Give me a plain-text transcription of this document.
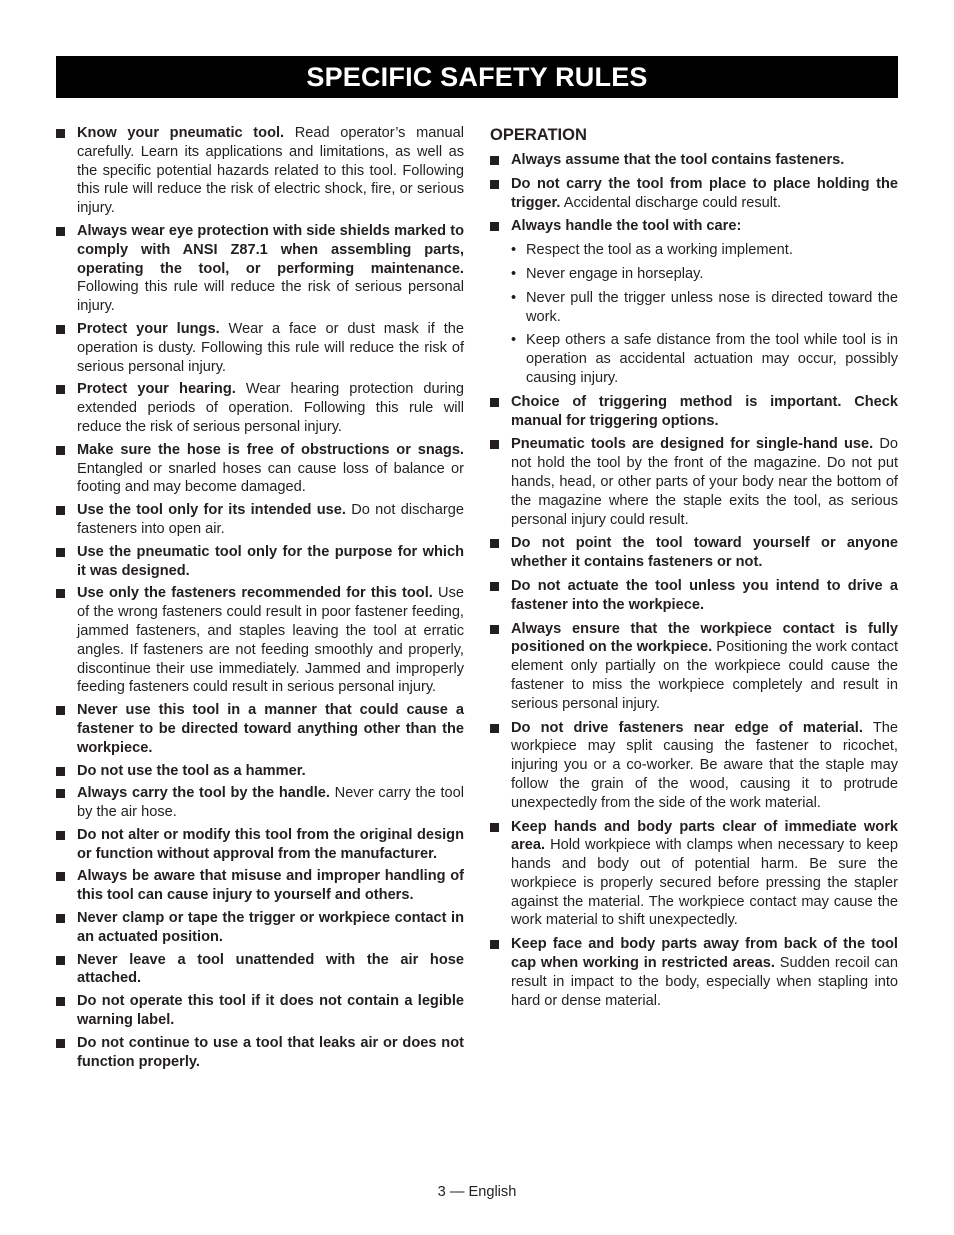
SPECIFIC SAFETY RULES
Know your pneumatic tool. Read operator’s manual carefully. Learn its applications and limitations, as well as the specific potential hazards related to this tool. Following this rule will reduce the risk of electric shock, fire, or serious injury.
Always wear eye protection with side shields marked to comply with ANSI Z87.1 when assembling parts, operating the tool, or performing maintenance. Following this rule will reduce the risk of serious personal injury.
Protect your lungs. Wear a face or dust mask if the operation is dusty. Following this rule will reduce the risk of serious personal injury.
Protect your hearing. Wear hearing protection during extended periods of operation. Following this rule will reduce the risk of serious personal injury.
Make sure the hose is free of obstructions or snags. Entangled or snarled hoses can cause loss of balance or footing and may become damaged.
Use the tool only for its intended use. Do not discharge fasteners into open air.
Use the pneumatic tool only for the purpose for which it was designed.
Use only the fasteners recommended for this tool. Use of the wrong fasteners could result in poor fastener feeding, jammed fasteners, and staples leaving the tool at erratic angles. If fasteners are not feeding smoothly and properly, discontinue their use immediately. Jammed and improperly feeding fasteners could result in serious personal injury.
Never use this tool in a manner that could cause a fastener to be directed toward anything other than the workpiece.
Do not use the tool as a hammer.
Always carry the tool by the handle. Never carry the tool by the air hose.
Do not alter or modify this tool from the original design or function without approval from the manufacturer.
Always be aware that misuse and improper handling of this tool can cause injury to yourself and others.
Never clamp or tape the trigger or workpiece contact in an actuated position.
Never leave a tool unattended with the air hose attached.
Do not operate this tool if it does not contain a legible warning label.
Do not continue to use a tool that leaks air or does not function properly.
OPERATION
Always assume that the tool contains fasteners.
Do not carry the tool from place to place holding the trigger. Accidental discharge could result.
Always handle the tool with care:
• Respect the tool as a working implement.
• Never engage in horseplay.
• Never pull the trigger unless nose is directed toward the work.
• Keep others a safe distance from the tool while tool is in operation as accidental actuation may occur, possibly causing injury.
Choice of triggering method is important. Check manual for triggering options.
Pneumatic tools are designed for single-hand use. Do not hold the tool by the front of the magazine. Do not put hands, head, or other parts of your body near the bottom of the magazine where the staple exits the tool, as serious personal injury could result.
Do not point the tool toward yourself or anyone whether it contains fasteners or not.
Do not actuate the tool unless you intend to drive a fastener into the workpiece.
Always ensure that the workpiece contact is fully positioned on the workpiece. Positioning the work contact element only partially on the workpiece could cause the fastener to miss the workpiece completely and result in serious personal injury.
Do not drive fasteners near edge of material. The workpiece may split causing the fastener to ricochet, injuring you or a co-worker. Be aware that the staple may follow the grain of the wood, causing it to protrude unexpectedly from the side of the work material.
Keep hands and body parts clear of immediate work area. Hold workpiece with clamps when necessary to keep hands and body out of potential harm. Be sure the workpiece is properly secured before pressing the stapler against the material. The workpiece contact may cause the work material to shift unexpectedly.
Keep face and body parts away from back of the tool cap when working in restricted areas. Sudden recoil can result in impact to the body, especially when stapling into hard or dense material.
3 — English
